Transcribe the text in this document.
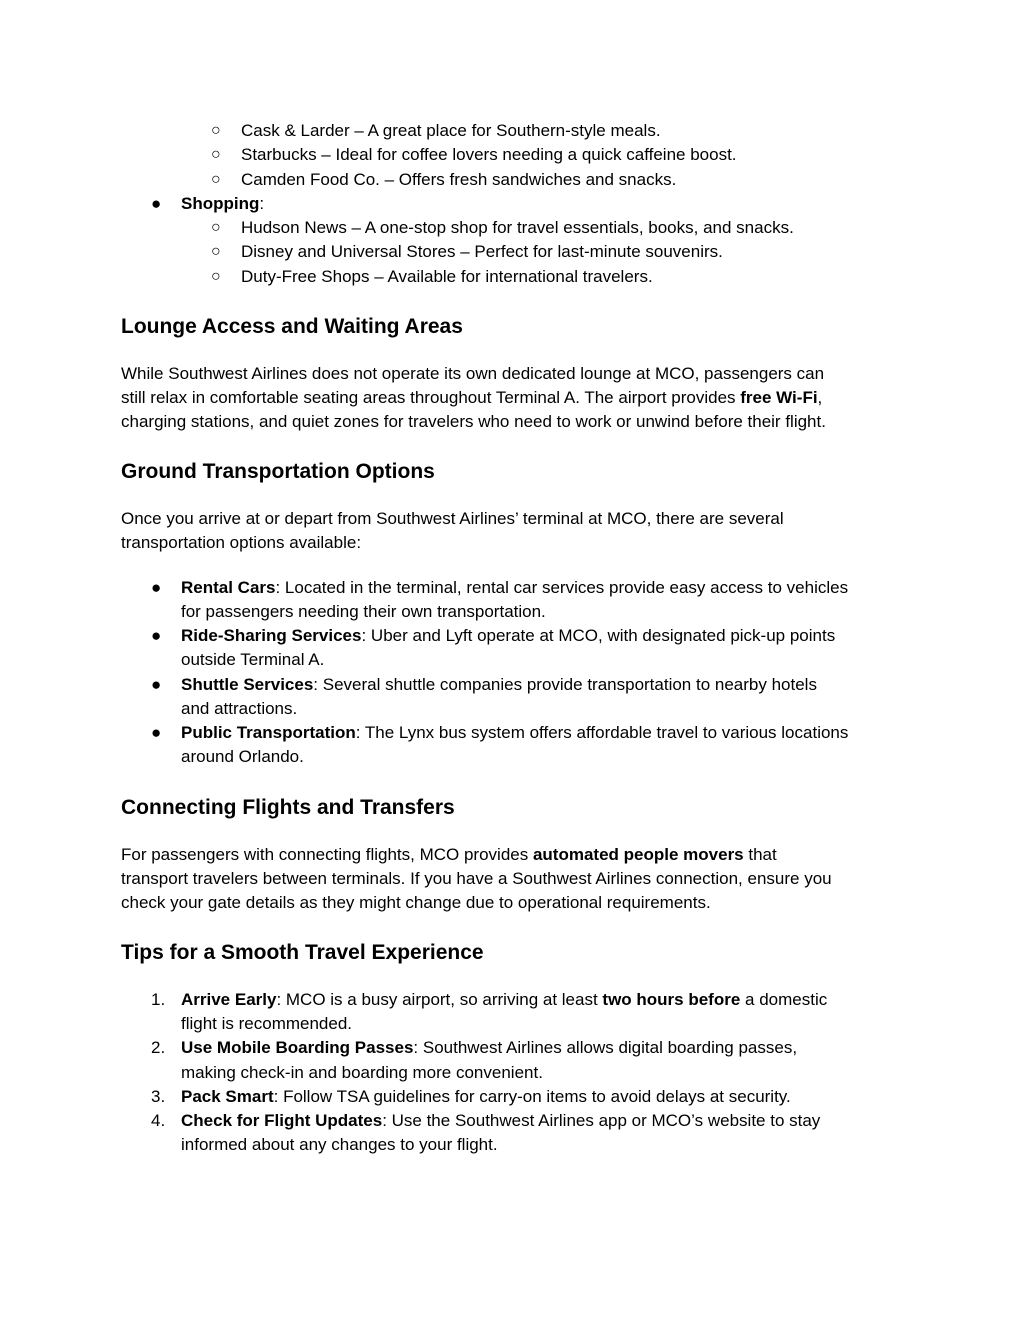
○ Cask & Larder – A great place for Southern-style meals.
○ Starbucks – Ideal for coffee lovers needing a quick caffeine boost.
○ Camden Food Co. – Offers fresh sandwiches and snacks.
● Shopping:
○ Hudson News – A one-stop shop for travel essentials, books, and snacks.
○ Disney and Universal Stores – Perfect for last-minute souvenirs.
○ Duty-Free Shops – Available for international travelers.
Lounge Access and Waiting Areas
While Southwest Airlines does not operate its own dedicated lounge at MCO, passengers can
still relax in comfortable seating areas throughout Terminal A. The airport provides free Wi-Fi,
charging stations, and quiet zones for travelers who need to work or unwind before their flight.
Ground Transportation Options
Once you arrive at or depart from Southwest Airlines’ terminal at MCO, there are several
transportation options available:
● Rental Cars: Located in the terminal, rental car services provide easy access to vehicles
for passengers needing their own transportation.
● Ride-Sharing Services: Uber and Lyft operate at MCO, with designated pick-up points
outside Terminal A.
● Shuttle Services: Several shuttle companies provide transportation to nearby hotels
and attractions.
● Public Transportation: The Lynx bus system offers affordable travel to various locations
around Orlando.
Connecting Flights and Transfers
For passengers with connecting flights, MCO provides automated people movers that
transport travelers between terminals. If you have a Southwest Airlines connection, ensure you
check your gate details as they might change due to operational requirements.
Tips for a Smooth Travel Experience
1. Arrive Early: MCO is a busy airport, so arriving at least two hours before a domestic
flight is recommended.
2. Use Mobile Boarding Passes: Southwest Airlines allows digital boarding passes,
making check-in and boarding more convenient.
3. Pack Smart: Follow TSA guidelines for carry-on items to avoid delays at security.
4. Check for Flight Updates: Use the Southwest Airlines app or MCO’s website to stay
informed about any changes to your flight.
